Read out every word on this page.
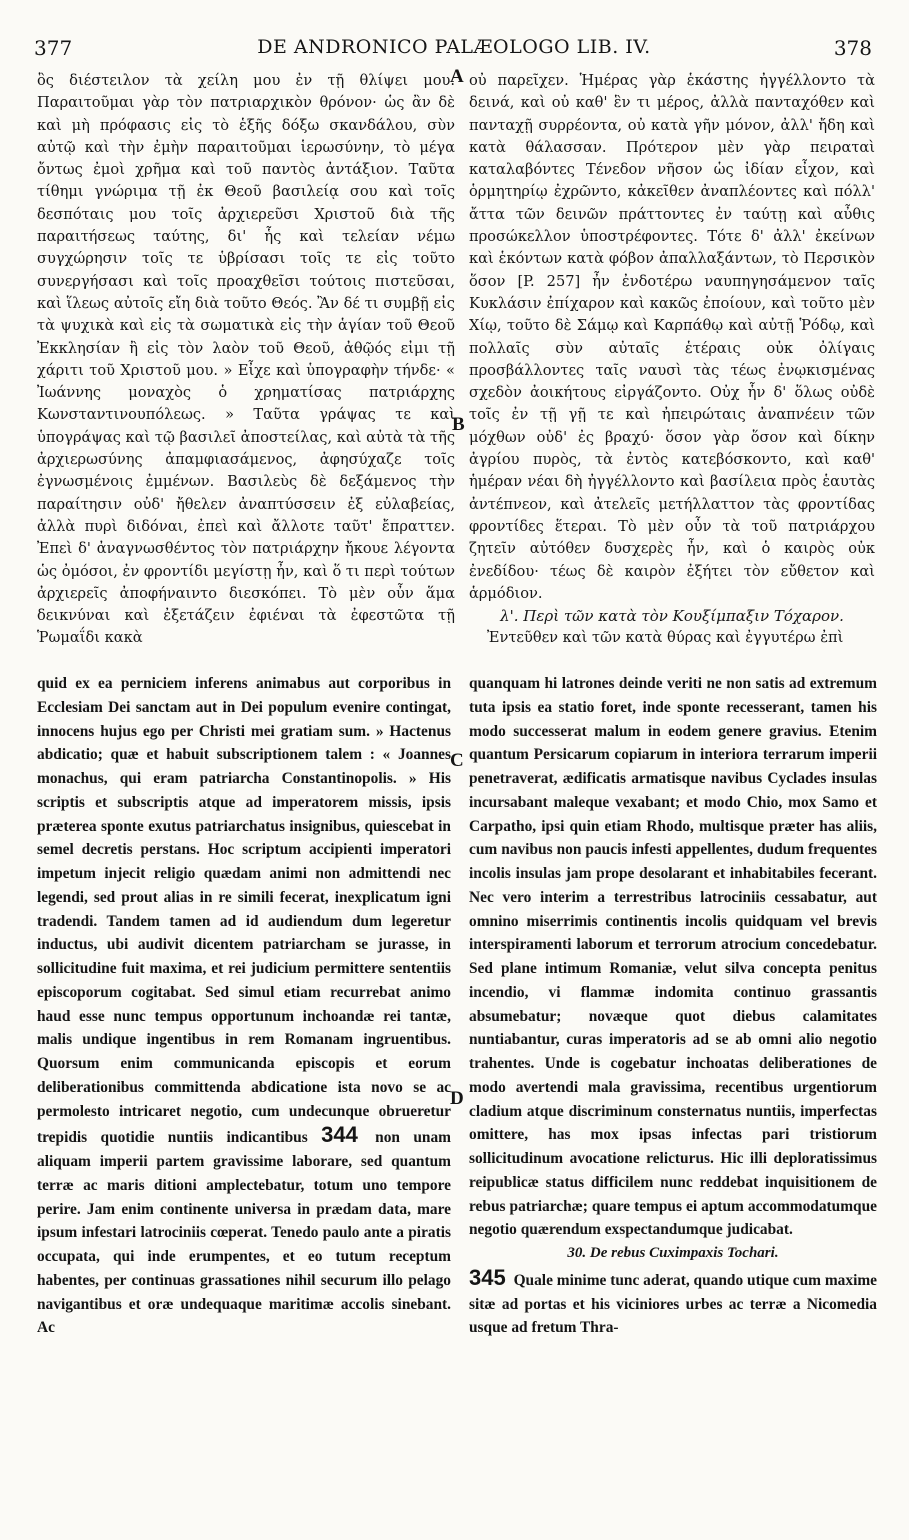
377	DE ANDRONICO PALÆOLOGO LIB. IV.	378

ὃς διέστειλον τὰ χείλη μου ἐν τῇ θλίψει μου. Παραιτοῦμαι γὰρ τὸν πατριαρχικὸν θρόνον· ὡς ἂν δὲ καὶ μὴ πρόφασις εἰς τὸ ἑξῆς δόξω σκανδάλου, σὺν αὐτῷ καὶ τὴν ἐμὴν παραιτοῦμαι ἱερωσύνην, τὸ μέγα ὄντως ἐμοὶ χρῆμα καὶ τοῦ παντὸς ἀντάξιον. Ταῦτα τίθημι γνώριμα τῇ ἐκ Θεοῦ βασιλείᾳ σου καὶ τοῖς δεσπόταις μου τοῖς ἀρχιερεῦσι Χριστοῦ διὰ τῆς παραιτήσεως ταύτης, δι' ἧς καὶ τελείαν νέμω συγχώρησιν τοῖς τε ὑβρίσασι τοῖς τε εἰς τοῦτο συνεργήσασι καὶ τοῖς προαχθεῖσι τούτοις πιστεῦσαι, καὶ ἵλεως αὐτοῖς εἴη διὰ τοῦτο Θεός. Ἂν δέ τι συμβῇ εἰς τὰ ψυχικὰ καὶ εἰς τὰ σωματικὰ εἰς τὴν ἁγίαν τοῦ Θεοῦ Ἐκκλησίαν ἢ εἰς τὸν λαὸν τοῦ Θεοῦ, ἀθῷός εἰμι τῇ χάριτι τοῦ Χριστοῦ μου. » Εἶχε καὶ ὑπογραφὴν τήνδε· « Ἰωάννης μοναχὸς ὁ χρηματίσας πατριάρχης Κωνσταντινουπόλεως. » Ταῦτα γράψας τε καὶ ὑπογράψας καὶ τῷ βασιλεῖ ἀποστείλας, καὶ αὐτὰ τὰ τῆς ἀρχιερωσύνης ἀπαμφιασάμενος, ἀφησύχαζε τοῖς ἐγνωσμένοις ἐμμένων. Βασιλεὺς δὲ δεξάμενος τὴν παραίτησιν οὐδ' ἤθελεν ἀναπτύσσειν ἐξ εὐλαβείας, ἀλλὰ πυρὶ διδόναι, ἐπεὶ καὶ ἄλλοτε ταῦτ' ἔπραττεν. Ἐπεὶ δ' ἀναγνωσθέντος τὸν πατριάρχην ἤκουε λέγοντα ὡς ὀμόσοι, ἐν φροντίδι μεγίστῃ ἦν, καὶ ὅ τι περὶ τούτων ἀρχιερεῖς ἀποφήναιντο διεσκόπει. Τὸ μὲν οὖν ἅμα δεικνύναι καὶ ἐξετάζειν ἐφιέναι τὰ ἐφεστῶτα τῇ Ῥωμαΐδι κακὰ

οὐ παρεῖχεν. Ἡμέρας γὰρ ἑκάστης ἠγγέλλοντο τὰ δεινά, καὶ οὐ καθ' ἓν τι μέρος, ἀλλὰ πανταχόθεν καὶ πανταχῇ συρρέοντα, οὐ κατὰ γῆν μόνον, ἀλλ' ἤδη καὶ κατὰ θάλασσαν. Πρότερον μὲν γὰρ πειραταὶ καταλαβόντες Τένεδον νῆσον ὡς ἰδίαν εἶχον, καὶ ὁρμητηρίῳ ἐχρῶντο, κἀκεῖθεν ἀναπλέοντες καὶ πόλλ' ἄττα τῶν δεινῶν πράττοντες ἐν ταύτῃ καὶ αὖθις προσώκελλον ὑποστρέφοντες. Τότε δ' ἀλλ' ἐκείνων καὶ ἑκόντων κατὰ φόβον ἀπαλλαξάντων, τὸ Περσικὸν ὅσον [P. 257] ἦν ἐνδοτέρω ναυπηγησάμενον ταῖς Κυκλάσιν ἐπίχαρον καὶ κακῶς ἐποίουν, καὶ τοῦτο μὲν Χίῳ, τοῦτο δὲ Σάμῳ καὶ Καρπάθῳ καὶ αὐτῇ Ῥόδῳ, καὶ πολλαῖς σὺν αὐταῖς ἑτέραις οὐκ ὀλίγαις προσβάλλοντες ταῖς ναυσὶ τὰς τέως ἐνῳκισμένας σχεδὸν ἀοικήτους εἰργάζοντο. Οὐχ ἧν δ' ὅλως οὐδὲ τοῖς ἐν τῇ γῇ τε καὶ ἠπειρώταις ἀναπνέειν τῶν μόχθων οὐδ' ἐς βραχύ· ὅσον γὰρ ὅσον καὶ δίκην ἀγρίου πυρὸς, τὰ ἐντὸς κατεβόσκοντο, καὶ καθ' ἡμέραν νέαι δὴ ἠγγέλλοντο καὶ βασίλεια πρὸς ἑαυτὰς ἀντέπνεον, καὶ ἀτελεῖς μετήλλαττον τὰς φροντίδας φροντίδες ἕτεραι. Τὸ μὲν οὖν τὰ τοῦ πατριάρχου ζητεῖν αὐτόθεν δυσχερὲς ἦν, καὶ ὁ καιρὸς οὐκ ἐνεδίδου· τέως δὲ καιρὸν ἐξήτει τὸν εὔθετον καὶ ἁρμόδιον.

λ'. Περὶ τῶν κατὰ τὸν Κουξίμπαξιν Τόχαρον.

Ἐντεῦθεν καὶ τῶν κατὰ θύρας καὶ ἐγγυτέρω ἐπὶ

A
B
C
D

quid ex ea perniciem inferens animabus aut corporibus in Ecclesiam Dei sanctam aut in Dei populum evenire contingat, innocens hujus ego per Christi mei gratiam sum. » Hactenus abdicatio; quæ et habuit subscriptionem talem : « Joannes monachus, qui eram patriarcha Constantinopolis. » His scriptis et subscriptis atque ad imperatorem missis, ipsis præterea sponte exutus patriarchatus insignibus, quiescebat in semel decretis perstans. Hoc scriptum accipienti imperatori impetum injecit religio quædam animi non admittendi nec legendi, sed prout alias in re simili fecerat, inexplicatum igni tradendi. Tandem tamen ad id audiendum dum legeretur inductus, ubi audivit dicentem patriarcham se jurasse, in sollicitudine fuit maxima, et rei judicium permittere sententiis episcoporum cogitabat. Sed simul etiam recurrebat animo haud esse nunc tempus opportunum inchoandæ rei tantæ, malis undique ingentibus in rem Romanam ingruentibus. Quorsum enim communicanda episcopis et eorum deliberationibus committenda abdicatione ista novo se ac permolesto intricaret negotio, cum undecunque obrueretur trepidis quotidie nuntiis indicantibus 344 non unam aliquam imperii partem gravissime laborare, sed quantum terræ ac maris ditioni amplectebatur, totum uno tempore perire. Jam enim continente universa in prædam data, mare ipsum infestari latrociniis cœperat. Tenedo paulo ante a piratis occupata, qui inde erumpentes, et eo tutum receptum habentes, per continuas grassationes nihil securum illo pelago navigantibus et oræ undequaque maritimæ accolis sinebant. Ac

quanquam hi latrones deinde veriti ne non satis ad extremum tuta ipsis ea statio foret, inde sponte recesserant, tamen his modo successerat malum in eodem genere gravius. Etenim quantum Persicarum copiarum in interiora terrarum imperii penetraverat, ædificatis armatisque navibus Cyclades insulas incursabant maleque vexabant; et modo Chio, mox Samo et Carpatho, ipsi quin etiam Rhodo, multisque præter has aliis, cum navibus non paucis infesti appellentes, dudum frequentes incolis insulas jam prope desolarant et inhabitabiles fecerant. Nec vero interim a terrestribus latrociniis cessabatur, aut omnino miserrimis continentis incolis quidquam vel brevis interspiramenti laborum et terrorum atrocium concedebatur. Sed plane intimum Romaniæ, velut silva concepta penitus incendio, vi flammæ indomita continuo grassantis absumebatur; novæque quot diebus calamitates nuntiabantur, curas imperatoris ad se ab omni alio negotio trahentes. Unde is cogebatur inchoatas deliberationes de modo avertendi mala gravissima, recentibus urgentiorum cladium atque discriminum consternatus nuntiis, imperfectas omittere, has mox ipsas infectas pari tristiorum sollicitudinum avocatione relicturus. Hic illi deploratissimus reipublicæ status difficilem nunc reddebat inquisitionem de rebus patriarchæ; quare tempus ei aptum accommodatumque negotio quærendum exspectandumque judicabat.

30. De rebus Cuximpaxis Tochari.

345 Quale minime tunc aderat, quando utique cum maxime sitæ ad portas et his viciniores urbes ac terræ a Nicomedia usque ad fretum Thra-
